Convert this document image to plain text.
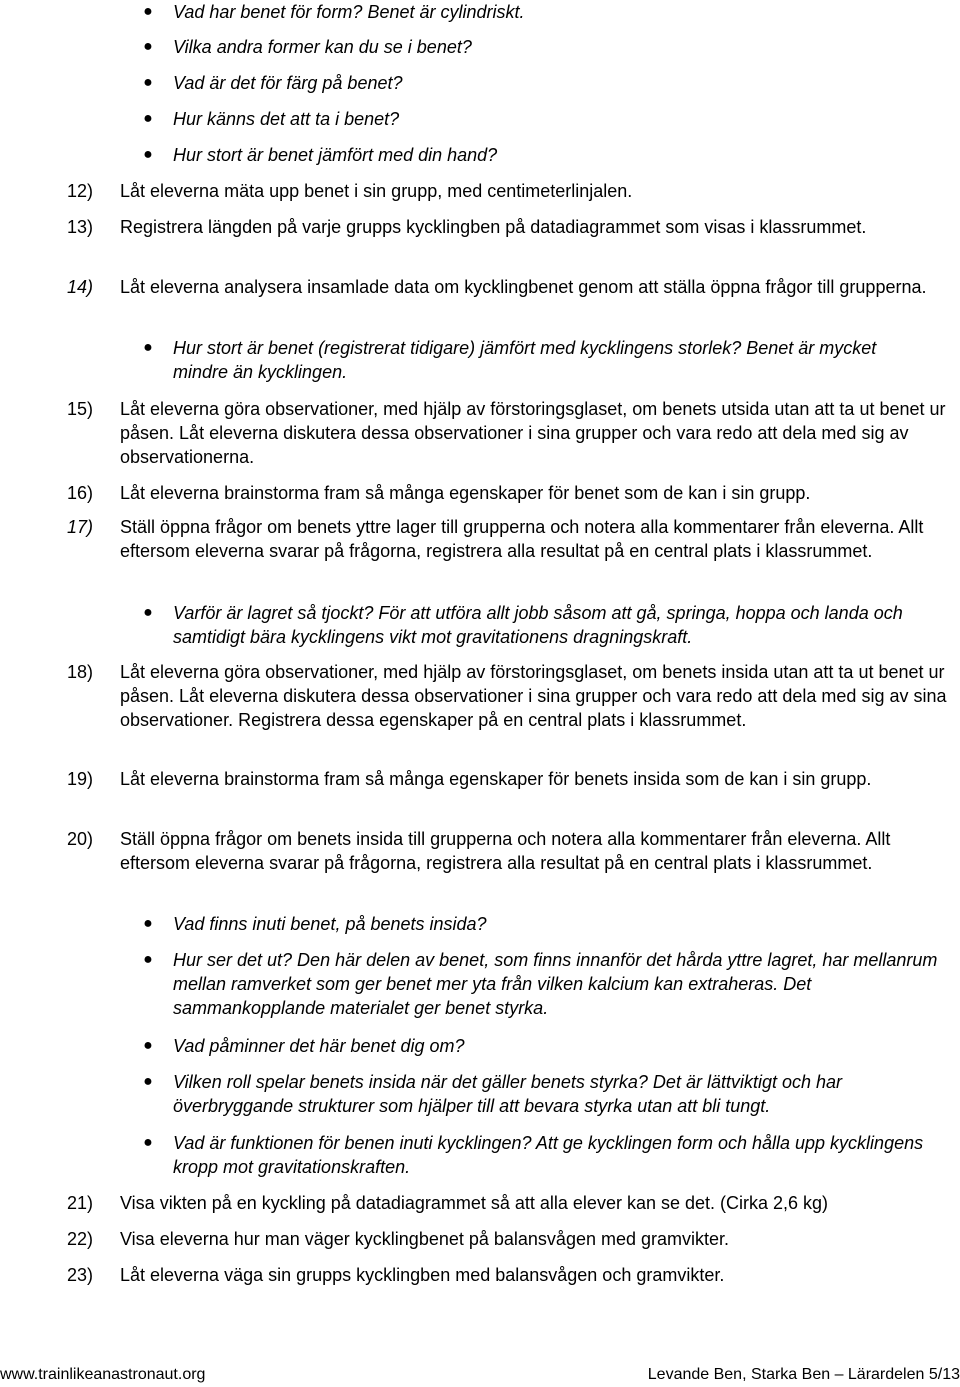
● Vad har benet för form? Benet är cylindriskt.
● Vilka andra former kan du se i benet?
● Vad är det för färg på benet?
● Hur känns det att ta i benet?
● Hur stort är benet jämfört med din hand?
12)	Låt eleverna mäta upp benet i sin grupp, med centimeterlinjalen.
13)	Registrera längden på varje grupps kycklingben på datadiagrammet som visas i klassrummet.
14)	Låt eleverna analysera insamlade data om kycklingbenet genom att ställa öppna frågor till grupperna.
● Hur stort är benet (registrerat tidigare) jämfört med kycklingens storlek? Benet är mycket mindre än kycklingen.
15)	Låt eleverna göra observationer, med hjälp av förstoringsglaset, om benets utsida utan att ta ut benet ur påsen. Låt eleverna diskutera dessa observationer i sina grupper och vara redo att dela med sig av observationerna.
16)	Låt eleverna brainstorma fram så många egenskaper för benet som de kan i sin grupp.
17)	Ställ öppna frågor om benets yttre lager till grupperna och notera alla kommentarer från eleverna. Allt eftersom eleverna svarar på frågorna, registrera alla resultat på en central plats i klassrummet.
● Varför är lagret så tjockt? För att utföra allt jobb såsom att gå, springa, hoppa och landa och samtidigt bära kycklingens vikt mot gravitationens dragningskraft.
18)	Låt eleverna göra observationer, med hjälp av förstoringsglaset, om benets insida utan att ta ut benet ur påsen. Låt eleverna diskutera dessa observationer i sina grupper och vara redo att dela med sig av sina observationer. Registrera dessa egenskaper på en central plats i klassrummet.
19)	Låt eleverna brainstorma fram så många egenskaper för benets insida som de kan i sin grupp.
20)	Ställ öppna frågor om benets insida till grupperna och notera alla kommentarer från eleverna. Allt eftersom eleverna svarar på frågorna, registrera alla resultat på en central plats i klassrummet.
● Vad finns inuti benet, på benets insida?
● Hur ser det ut? Den här delen av benet, som finns innanför det hårda yttre lagret, har mellanrum mellan ramverket som ger benet mer yta från vilken kalcium kan extraheras. Det sammankopplande materialet ger benet styrka.
● Vad påminner det här benet dig om?
● Vilken roll spelar benets insida när det gäller benets styrka? Det är lättviktigt och har överbryggande strukturer som hjälper till att bevara styrka utan att bli tungt.
● Vad är funktionen för benen inuti kycklingen? Att ge kycklingen form och hålla upp kycklingens kropp mot gravitationskraften.
21)	Visa vikten på en kyckling på datadiagrammet så att alla elever kan se det. (Cirka 2,6 kg)
22)	Visa eleverna hur man väger kycklingbenet på balansvågen med gramvikter.
23)	Låt eleverna väga sin grupps kycklingben med balansvågen och gramvikter.
www.trainlikeanastronaut.org	Levande Ben, Starka Ben – Lärardelen 5/13
